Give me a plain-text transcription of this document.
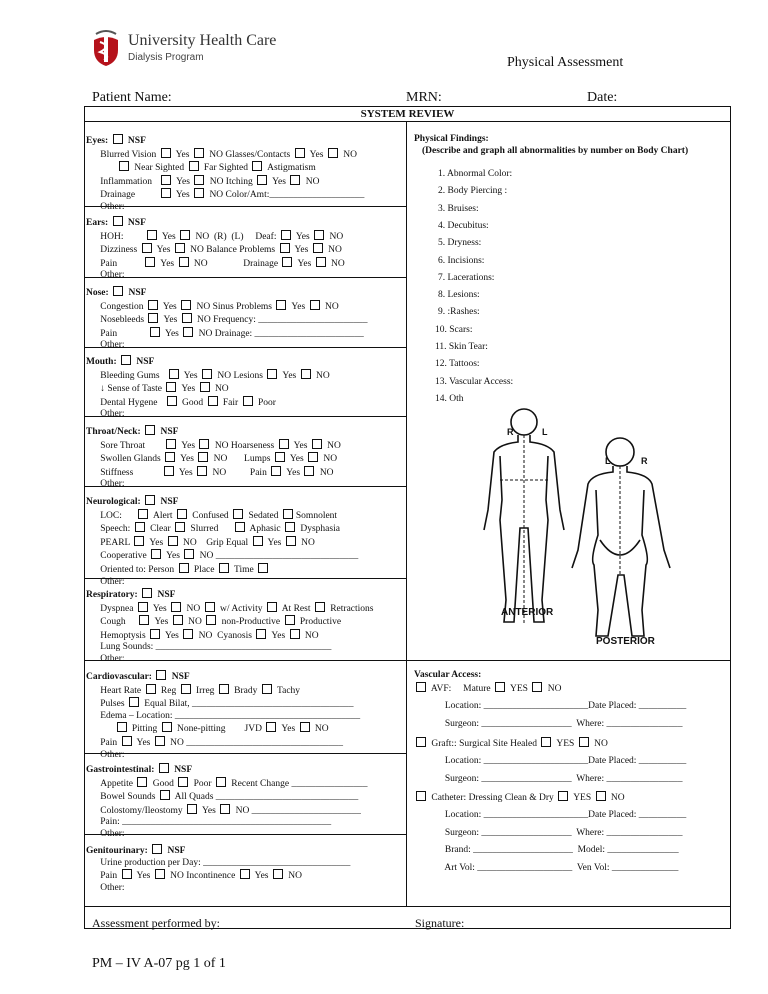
University Health Care
Dialysis Program	Physical Assessment
Patient Name:	MRN:	Date:
SYSTEM REVIEW
Eyes: NSF
Blurred Vision  Yes  NO Glasses/Contacts  Yes  NO
Near Sighted  Far Sighted  Astigmatism
Inflammation    Yes  NO Itching  Yes  NO
Drainage           Yes  NO Color/Amt:____________________
Other:
Ears: NSF
HOH:          Yes  NO  (R)  (L)     Deaf:  Yes  NO
Dizziness  Yes  NO Balance Problems  Yes  NO
Pain            Yes  NO               Drainage  Yes  NO
Other:
Nose: NSF
Congestion  Yes  NO Sinus Problems  Yes  NO
Nosebleeds  Yes  NO Frequency: _______________________
Pain              Yes  NO Drainage: _______________________
Other:
Mouth: NSF
Bleeding Gums    Yes  NO Lesions  Yes  NO
↓ Sense of Taste  Yes  NO
Dental Hygene    Good  Fair  Poor
Other:
Throat/Neck: NSF
Sore Throat         Yes  NO Hoarseness  Yes  NO
Swollen Glands  Yes  NO       Lumps  Yes  NO
Stiffness             Yes  NO          Pain  Yes  NO
Other:
Neurological: NSF
LOC:       Alert  Confused  Sedated Somnolent
Speech:  Clear  Slurred       Aphasic  Dysphasia
PEARL  Yes  NO    Grip Equal  Yes  NO
Cooperative  Yes  NO ______________________________
Oriented to: Person  Place  Time
Other:
Respiratory: NSF
Dyspnea  Yes  NO  w/ Activity  At Rest  Retractions
Cough      Yes  NO  non-Productive  Productive
Hemoptysis  Yes  NO  Cyanosis  Yes  NO
Lung Sounds: _____________________________________
Other:
Cardiovascular: NSF
Heart Rate  Reg  Irreg  Brady  Tachy
Pulses  Equal Bilat, __________________________________
Edema – Location: _______________________________________
Pitting  None-pitting        JVD  Yes  NO
Pain  Yes  NO _________________________________
Other:
Gastrointestinal: NSF
Appetite  Good  Poor  Recent Change ________________
Bowel Sounds  All Quads ______________________________
Colostomy/Ileostomy  Yes  NO _______________________
Pain: ____________________________________________
Other:
Genitourinary: NSF
Urine production per Day: _______________________________
Pain  Yes  NO Incontinence  Yes  NO
Other:
Physical Findings:
(Describe and graph all abnormalities by number on Body Chart)
R	L
L	R
ANTERIOR
POSTERIOR
Vascular Access:
AVF:     Mature  YES  NO
Location: ______________________Date Placed: __________
Surgeon: ___________________  Where: ________________
Graft:: Surgical Site Healed  YES  NO
Location: ______________________Date Placed: __________
Surgeon: ___________________  Where: ________________
Catheter: Dressing Clean & Dry  YES  NO
Location: ______________________Date Placed: __________
Surgeon: ___________________  Where: ________________
Brand: _____________________  Model: _______________
Art Vol: ____________________  Ven Vol: ______________
Assessment performed by:	Signature:
PM – IV A-07 pg 1 of 1
1. Abnormal Color:
2. Body Piercing :
3. Bruises:
4. Decubitus:
5. Dryness:
6. Incisions:
7. Lacerations:
8. Lesions:
9. :Rashes:
10. Scars:
11. Skin Tear:
12. Tattoos:
13. Vascular Access:
14. Oth
